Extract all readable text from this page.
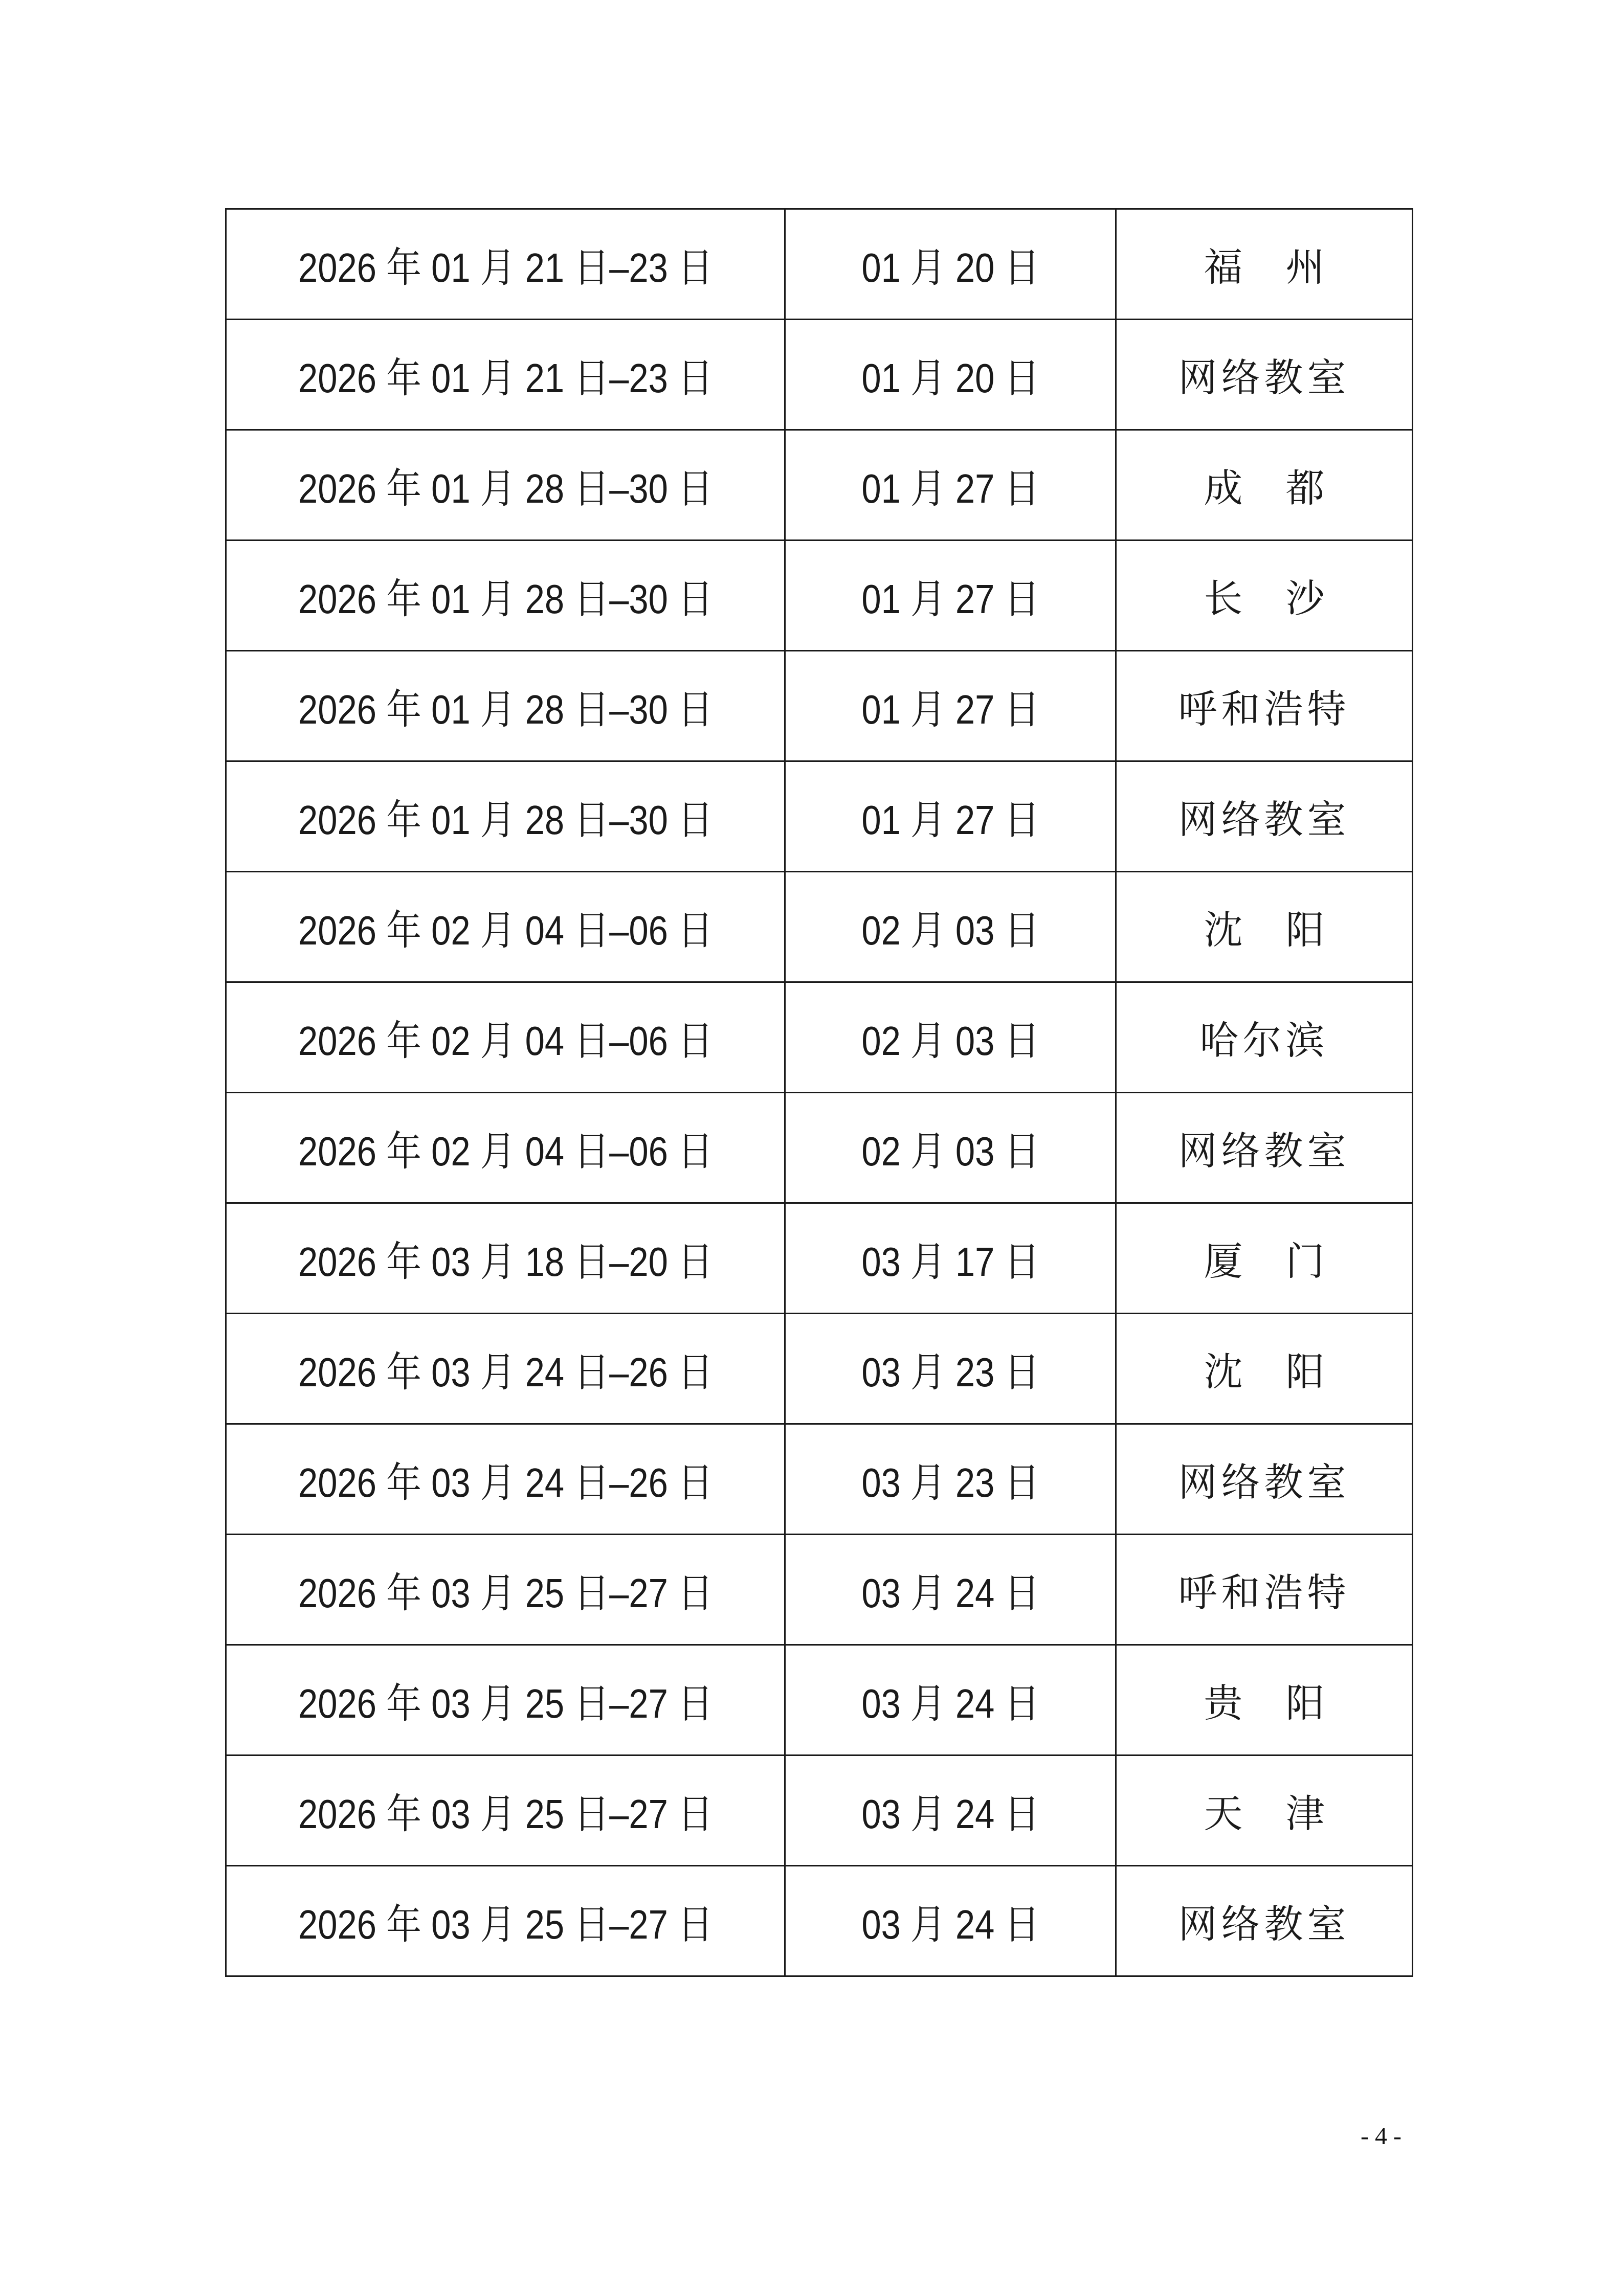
2026 年 01 月 21 日–23 日	01 月 20 日	福州
2026 年 01 月 21 日–23 日	01 月 20 日	网络教室
2026 年 01 月 28 日–30 日	01 月 27 日	成都
2026 年 01 月 28 日–30 日	01 月 27 日	长沙
2026 年 01 月 28 日–30 日	01 月 27 日	呼和浩特
2026 年 01 月 28 日–30 日	01 月 27 日	网络教室
2026 年 02 月 04 日–06 日	02 月 03 日	沈阳
2026 年 02 月 04 日–06 日	02 月 03 日	哈尔滨
2026 年 02 月 04 日–06 日	02 月 03 日	网络教室
2026 年 03 月 18 日–20 日	03 月 17 日	厦门
2026 年 03 月 24 日–26 日	03 月 23 日	沈阳
2026 年 03 月 24 日–26 日	03 月 23 日	网络教室
2026 年 03 月 25 日–27 日	03 月 24 日	呼和浩特
2026 年 03 月 25 日–27 日	03 月 24 日	贵阳
2026 年 03 月 25 日–27 日	03 月 24 日	天津
2026 年 03 月 25 日–27 日	03 月 24 日	网络教室
- 4 -
